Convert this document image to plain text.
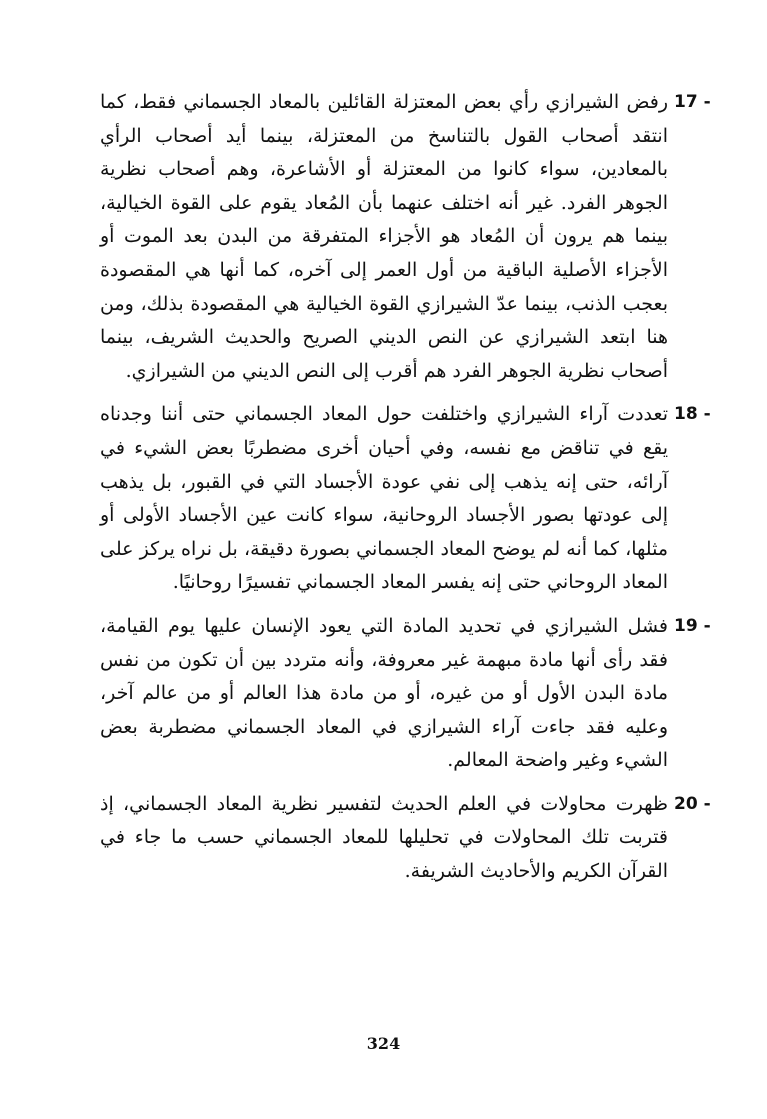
17 -
رفض الشيرازي رأي بعض المعتزلة القائلين بالمعاد الجسماني فقط، كما انتقد أصحاب القول بالتناسخ من المعتزلة، بينما أيد أصحاب الرأي بالمعادين، سواء كانوا من المعتزلة أو الأشاعرة، وهم أصحاب نظرية الجوهر الفرد. غير أنه اختلف عنهما بأن المُعاد يقوم على القوة الخيالية، بينما هم يرون أن المُعاد هو الأجزاء المتفرقة من البدن بعد الموت أو الأجزاء الأصلية الباقية من أول العمر إلى آخره، كما أنها هي المقصودة بعجب الذنب، بينما عدّ الشيرازي القوة الخيالية هي المقصودة بذلك، ومن هنا ابتعد الشيرازي عن النص الديني الصريح والحديث الشريف، بينما أصحاب نظرية الجوهر الفرد هم أقرب إلى النص الديني من الشيرازي.
18 -
تعددت آراء الشيرازي واختلفت حول المعاد الجسماني حتى أننا وجدناه يقع في تناقض مع نفسه، وفي أحيان أخرى مضطربًا بعض الشيء في آرائه، حتى إنه يذهب إلى نفي عودة الأجساد التي في القبور، بل يذهب إلى عودتها بصور الأجساد الروحانية، سواء كانت عين الأجساد الأولى أو مثلها، كما أنه لم يوضح المعاد الجسماني بصورة دقيقة، بل نراه يركز على المعاد الروحاني حتى إنه يفسر المعاد الجسماني تفسيرًا روحانيًا.
19 -
فشل الشيرازي في تحديد المادة التي يعود الإنسان عليها يوم القيامة، فقد رأى أنها مادة مبهمة غير معروفة، وأنه متردد بين أن تكون من نفس مادة البدن الأول أو من غيره، أو من مادة هذا العالم أو من عالم آخر، وعليه فقد جاءت آراء الشيرازي في المعاد الجسماني مضطربة بعض الشيء وغير واضحة المعالم.
20 -
ظهرت محاولات في العلم الحديث لتفسير نظرية المعاد الجسماني، إذ قتربت تلك المحاولات في تحليلها للمعاد الجسماني حسب ما جاء في القرآن الكريم والأحاديث الشريفة.
324
